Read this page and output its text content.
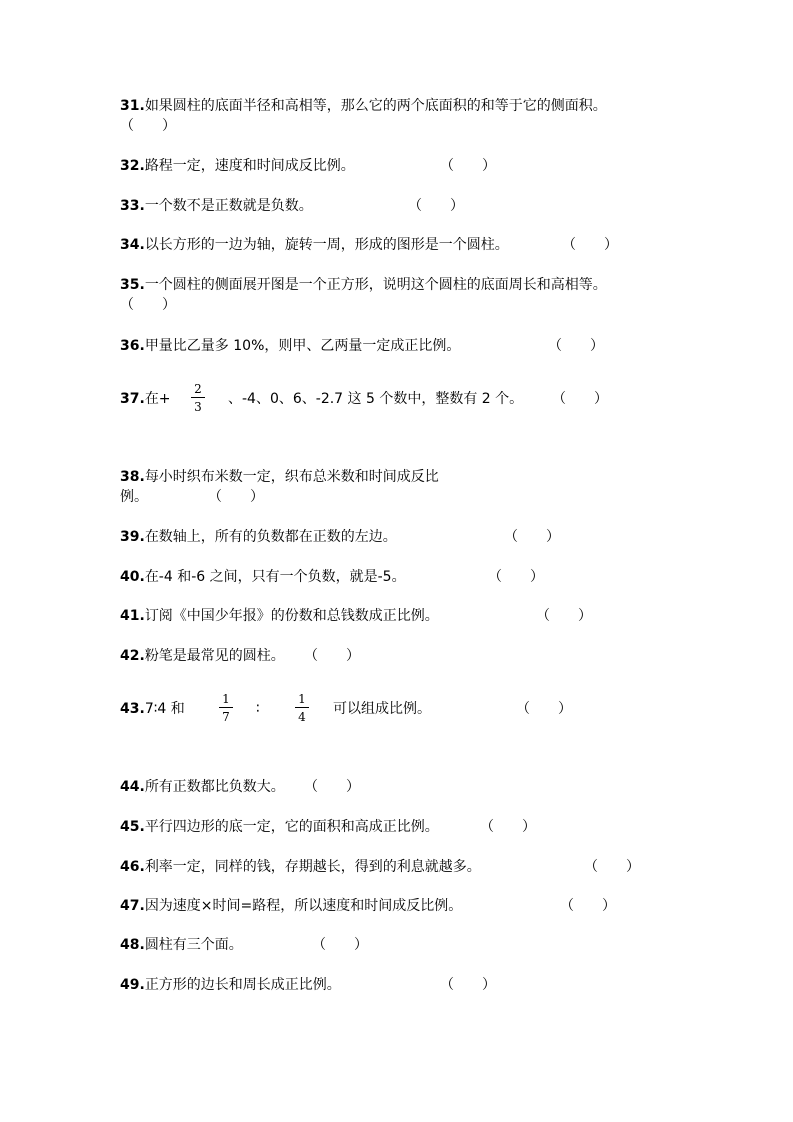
31.如果圆柱的底面半径和高相等，那么它的两个底面积的和等于它的侧面积。
（　　）
32.路程一定，速度和时间成反比例。	（　　）
33.一个数不是正数就是负数。	（　　）
34.以长方形的一边为轴，旋转一周，形成的图形是一个圆柱。	（　　）
35.一个圆柱的侧面展开图是一个正方形，说明这个圆柱的底面周长和高相等。
（　　）
36.甲量比乙量多 10%，则甲、乙两量一定成正比例。	（　　）
37.在+
2
3 、-4、0、6、-2.7 这 5 个数中，整数有 2 个。 （　　）
38.每小时织布米数一定，织布总米数和时间成反比
例。	（　　）
39.在数轴上，所有的负数都在正数的左边。	（　　）
40.在-4 和-6 之间，只有一个负数，就是-5。	（　　）
41.订阅《中国少年报》的份数和总钱数成正比例。	（　　）
42.粉笔是最常见的圆柱。 （　　）
43.7∶4 和
1
7 ∶
1
4 可以组成比例。	（　　）
44.所有正数都比负数大。 （　　）
45.平行四边形的底一定，它的面积和高成正比例。	（　　）
46.利率一定，同样的钱，存期越长，得到的利息就越多。	（　　）
47.因为速度×时间=路程，所以速度和时间成反比例。	（　　）
48.圆柱有三个面。	（　　）
49.正方形的边长和周长成正比例。	（　　）
